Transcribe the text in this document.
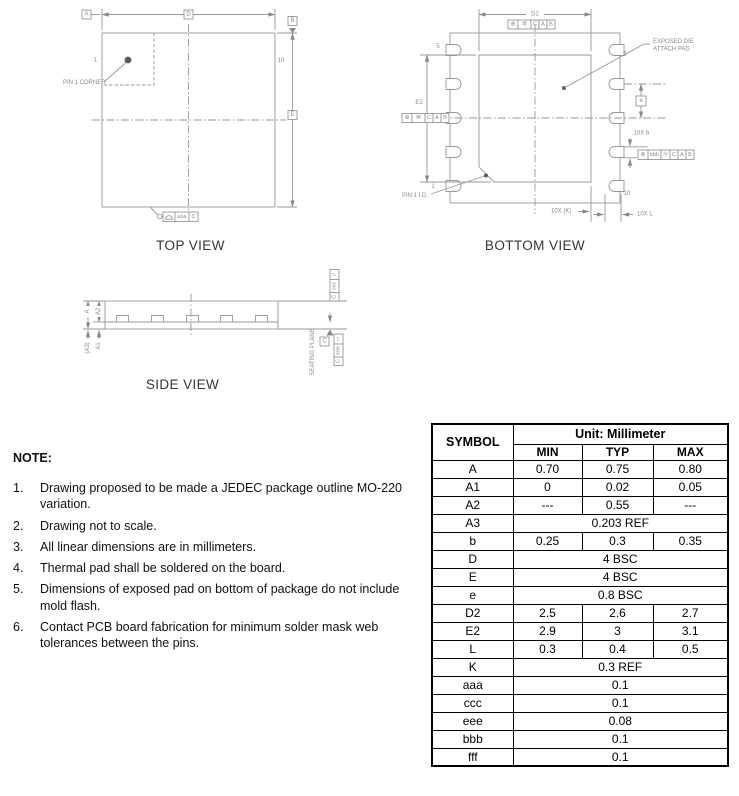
A	D
B
E
10
1
PIN 1 CORNER
aaa C
D2
⊕ fff C A B
E2
⊕ fff C A B
e
10X b
⊕ bbb Ⓜ C A B
EXPOSED DIE
ATTACH PAD
5
6
1
10
PIN 1 I.D.
10X (K)	10X L
A A2
(A3) A1
//
ccc
C
C ▱
eee
C
SEATING PLANE
TOP VIEW	BOTTOM VIEW
SIDE VIEW
NOTE:
1.	Drawing proposed to be made a JEDEC package outline MO-220 variation.
2.	Drawing not to scale.
3.	All linear dimensions are in millimeters.
4.	Thermal pad shall be soldered on the board.
5.	Dimensions of exposed pad on bottom of package do not include mold flash.
6.	Contact PCB board fabrication for minimum solder mask web tolerances between the pins.
SYMBOL	Unit: Millimeter		
	MIN	TYP	MAX
A	0.70	0.75	0.80
A1	0	0.02	0.05
A2	---	0.55	---
A3	0.203 REF		
b	0.25	0.3	0.35
D	4 BSC		
E	4 BSC		
e	0.8 BSC		
D2	2.5	2.6	2.7
E2	2.9	3	3.1
L	0.3	0.4	0.5
K	0.3 REF		
aaa	0.1		
ccc	0.1		
eee	0.08		
bbb	0.1		
fff	0.1		
